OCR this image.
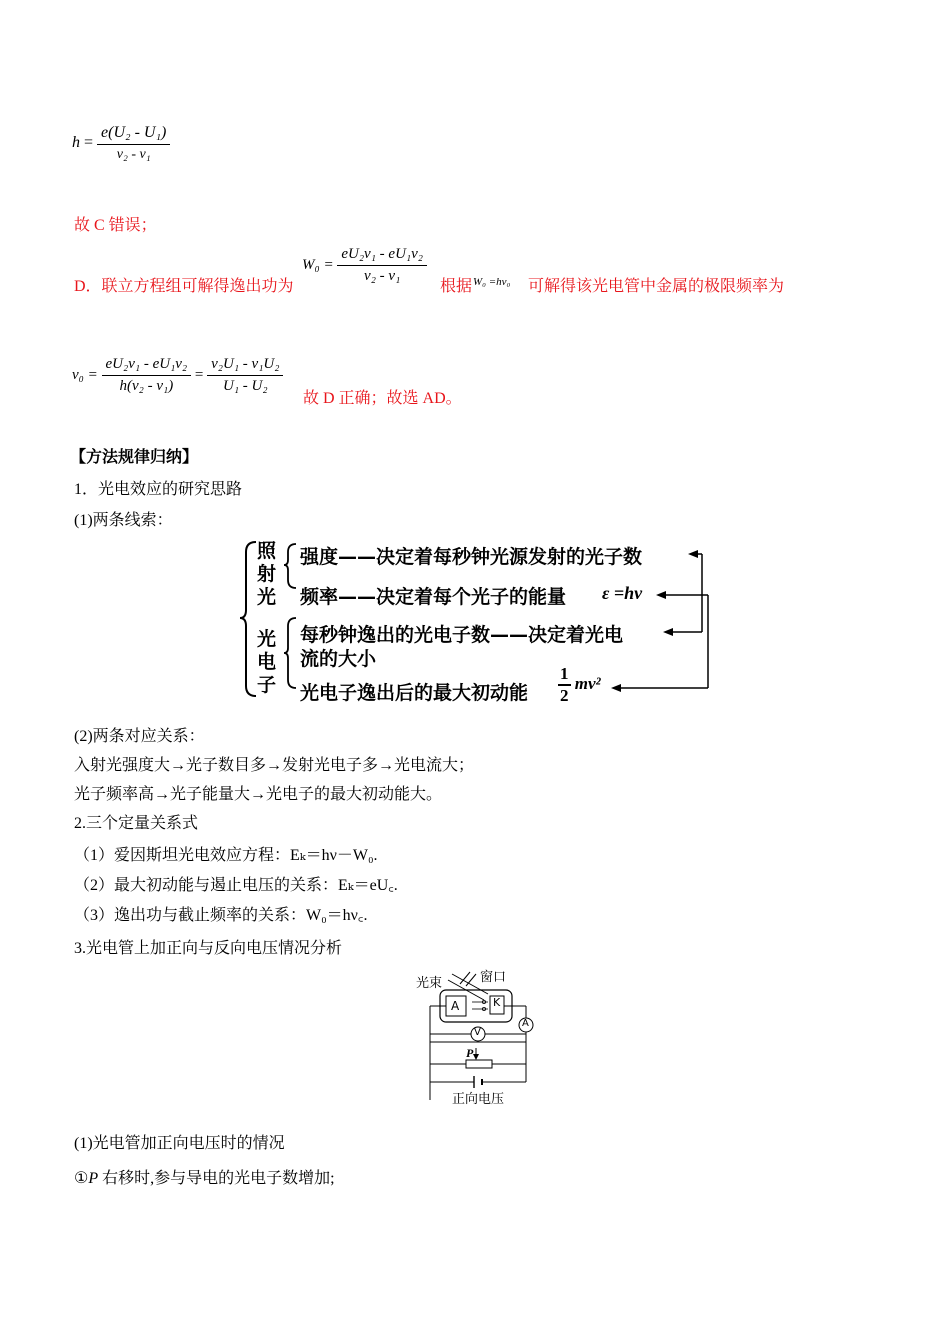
$h = \frac{\text{e(U₂ - U₁)}}{\text{ν₂ - ν₁}}$
故 C 错误；
D．联立方程组可解得逸出功为
$W_0 = \frac{\text{eU₂ν₁ - eU₁ν₂}}{\text{ν₂ - ν₁}}$
根据 W₀ =hν₀ 可解得该光电管中金属的极限频率为
$\nu_0 = \frac{\text{eU₂ν₁ - eU₁ν₂}}{\text{h(ν₂ - ν₁)}} = \frac{\text{ν₂U₁ - ν₁U₂}}{\text{U₁ - U₂}}$
故 D 正确；故选 AD。
【方法规律归纳】
1．光电效应的研究思路
(1)两条线索：
照
射
光
光
电
子
强度——决定着每秒钟光源发射的光子数
频率——决定着每个光子的能量 ε =hν
每秒钟逸出的光电子数——决定着光电
流的大小
光电子逸出后的最大初动能 $\frac{1}{2} mv^2$
(2)两条对应关系：
入射光强度大→光子数目多→发射光电子多→光电流大；
光子频率高→光子能量大→光电子的最大初动能大。
2.三个定量关系式
（1）爱因斯坦光电效应方程：Eₖ＝hν－W₀.
（2）最大初动能与遏止电压的关系：Eₖ＝eU꜀.
（3）逸出功与截止频率的关系：W₀＝hν꜀.
3.光电管上加正向与反向电压情况分析
光束	窗口
A	K
V
A
P
正向电压
(1)光电管加正向电压时的情况
①P 右移时,参与导电的光电子数增加;
